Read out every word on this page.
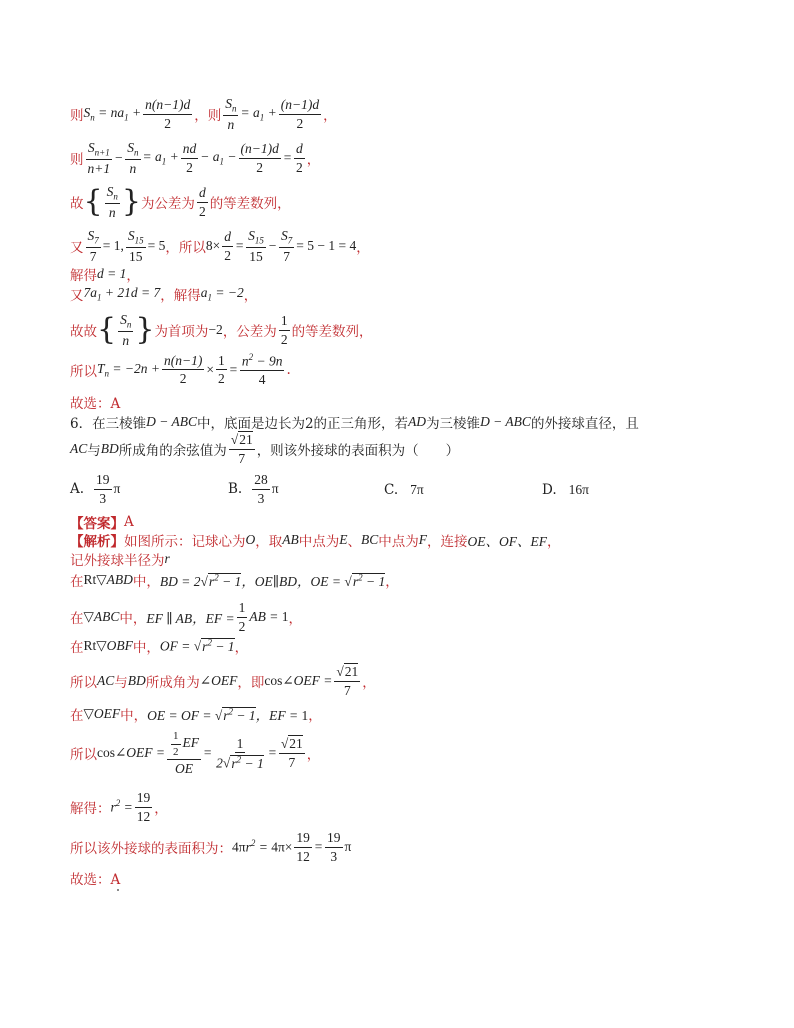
则 $S_n = na_1 + \frac{n(n-1)d}{2}$ ，则 $\frac{S_n}{n} = a_1 + \frac{(n-1)d}{2}$ ，
则 $\frac{S_{n+1}}{n+1} - \frac{S_n}{n} = a_1 + \frac{nd}{2} - a_1 - \frac{(n-1)d}{2} = \frac{d}{2}$ ，
故 { $\frac{S_n}{n}$ } 为公差为 $\frac{d}{2}$ 的等差数列，
又 $\frac{S_7}{7} = 1$, $\frac{S_{15}}{15} = 5$ ，所以 $8\times \frac{d}{2} = \frac{S_{15}}{15} - \frac{S_7}{7} = 5 - 1 = 4$ ，
解得 d = 1 ，
又 $7a_1 + 21d = 7$ ，解得 $a_1 = -2$ ，
故故 { $\frac{S_n}{n}$ } 为首项为 −2 ，公差为 $\frac{1}{2}$ 的等差数列，
所以 $T_n = -2n + \frac{n(n-1)}{2} \times \frac{1}{2} = \frac{n^2 - 9n}{4}$ .
故选：A
6．在三棱锥 D − ABC 中，底面是边长为2的正三角形，若 AD 为三棱锥 D − ABC 的外接球直径，且
AC 与 BD 所成角的余弦值为 $\frac{√21}{7}$ ，则该外接球的表面积为（　　）
A. $\frac{19}{3}$ π	B. $\frac{28}{3}$ π	C. 7π	D. 16π
【答案】 A
【解析】 如图所示：记球心为 O ，取 AB 中点为 E 、 BC 中点为 F ，连接 OE、OF、EF ，
记外接球半径为 r
在 Rt▽ABD 中， BD = $2√r^2 - 1$，OE∥BD，OE = $√r^2 - 1$ ，
在 ▽ABC 中， EF ∥ AB，EF = $\frac{1}{2}$ AB = 1 ，
在 Rt▽OBF 中， OF = $√r^2 - 1$ ，
所以 AC 与 BD 所成角为 ∠OEF ，即 cos∠OEF = $\frac{√21}{7}$ ，
在 ▽OEF 中， OE = OF = $√r^2 - 1$，EF = 1 ，
所以 cos∠OEF = $\frac{\frac{1}{2} EF}{OE} = \frac{1}{2√r^2 - 1} = \frac{√21}{7}$ ，
解得： $r^2 = \frac{19}{12}$ ，
所以该外接球的表面积为： $4\pi r^2 = 4\pi\times \frac{19}{12} = \frac{19}{3}$ π
故选：A
